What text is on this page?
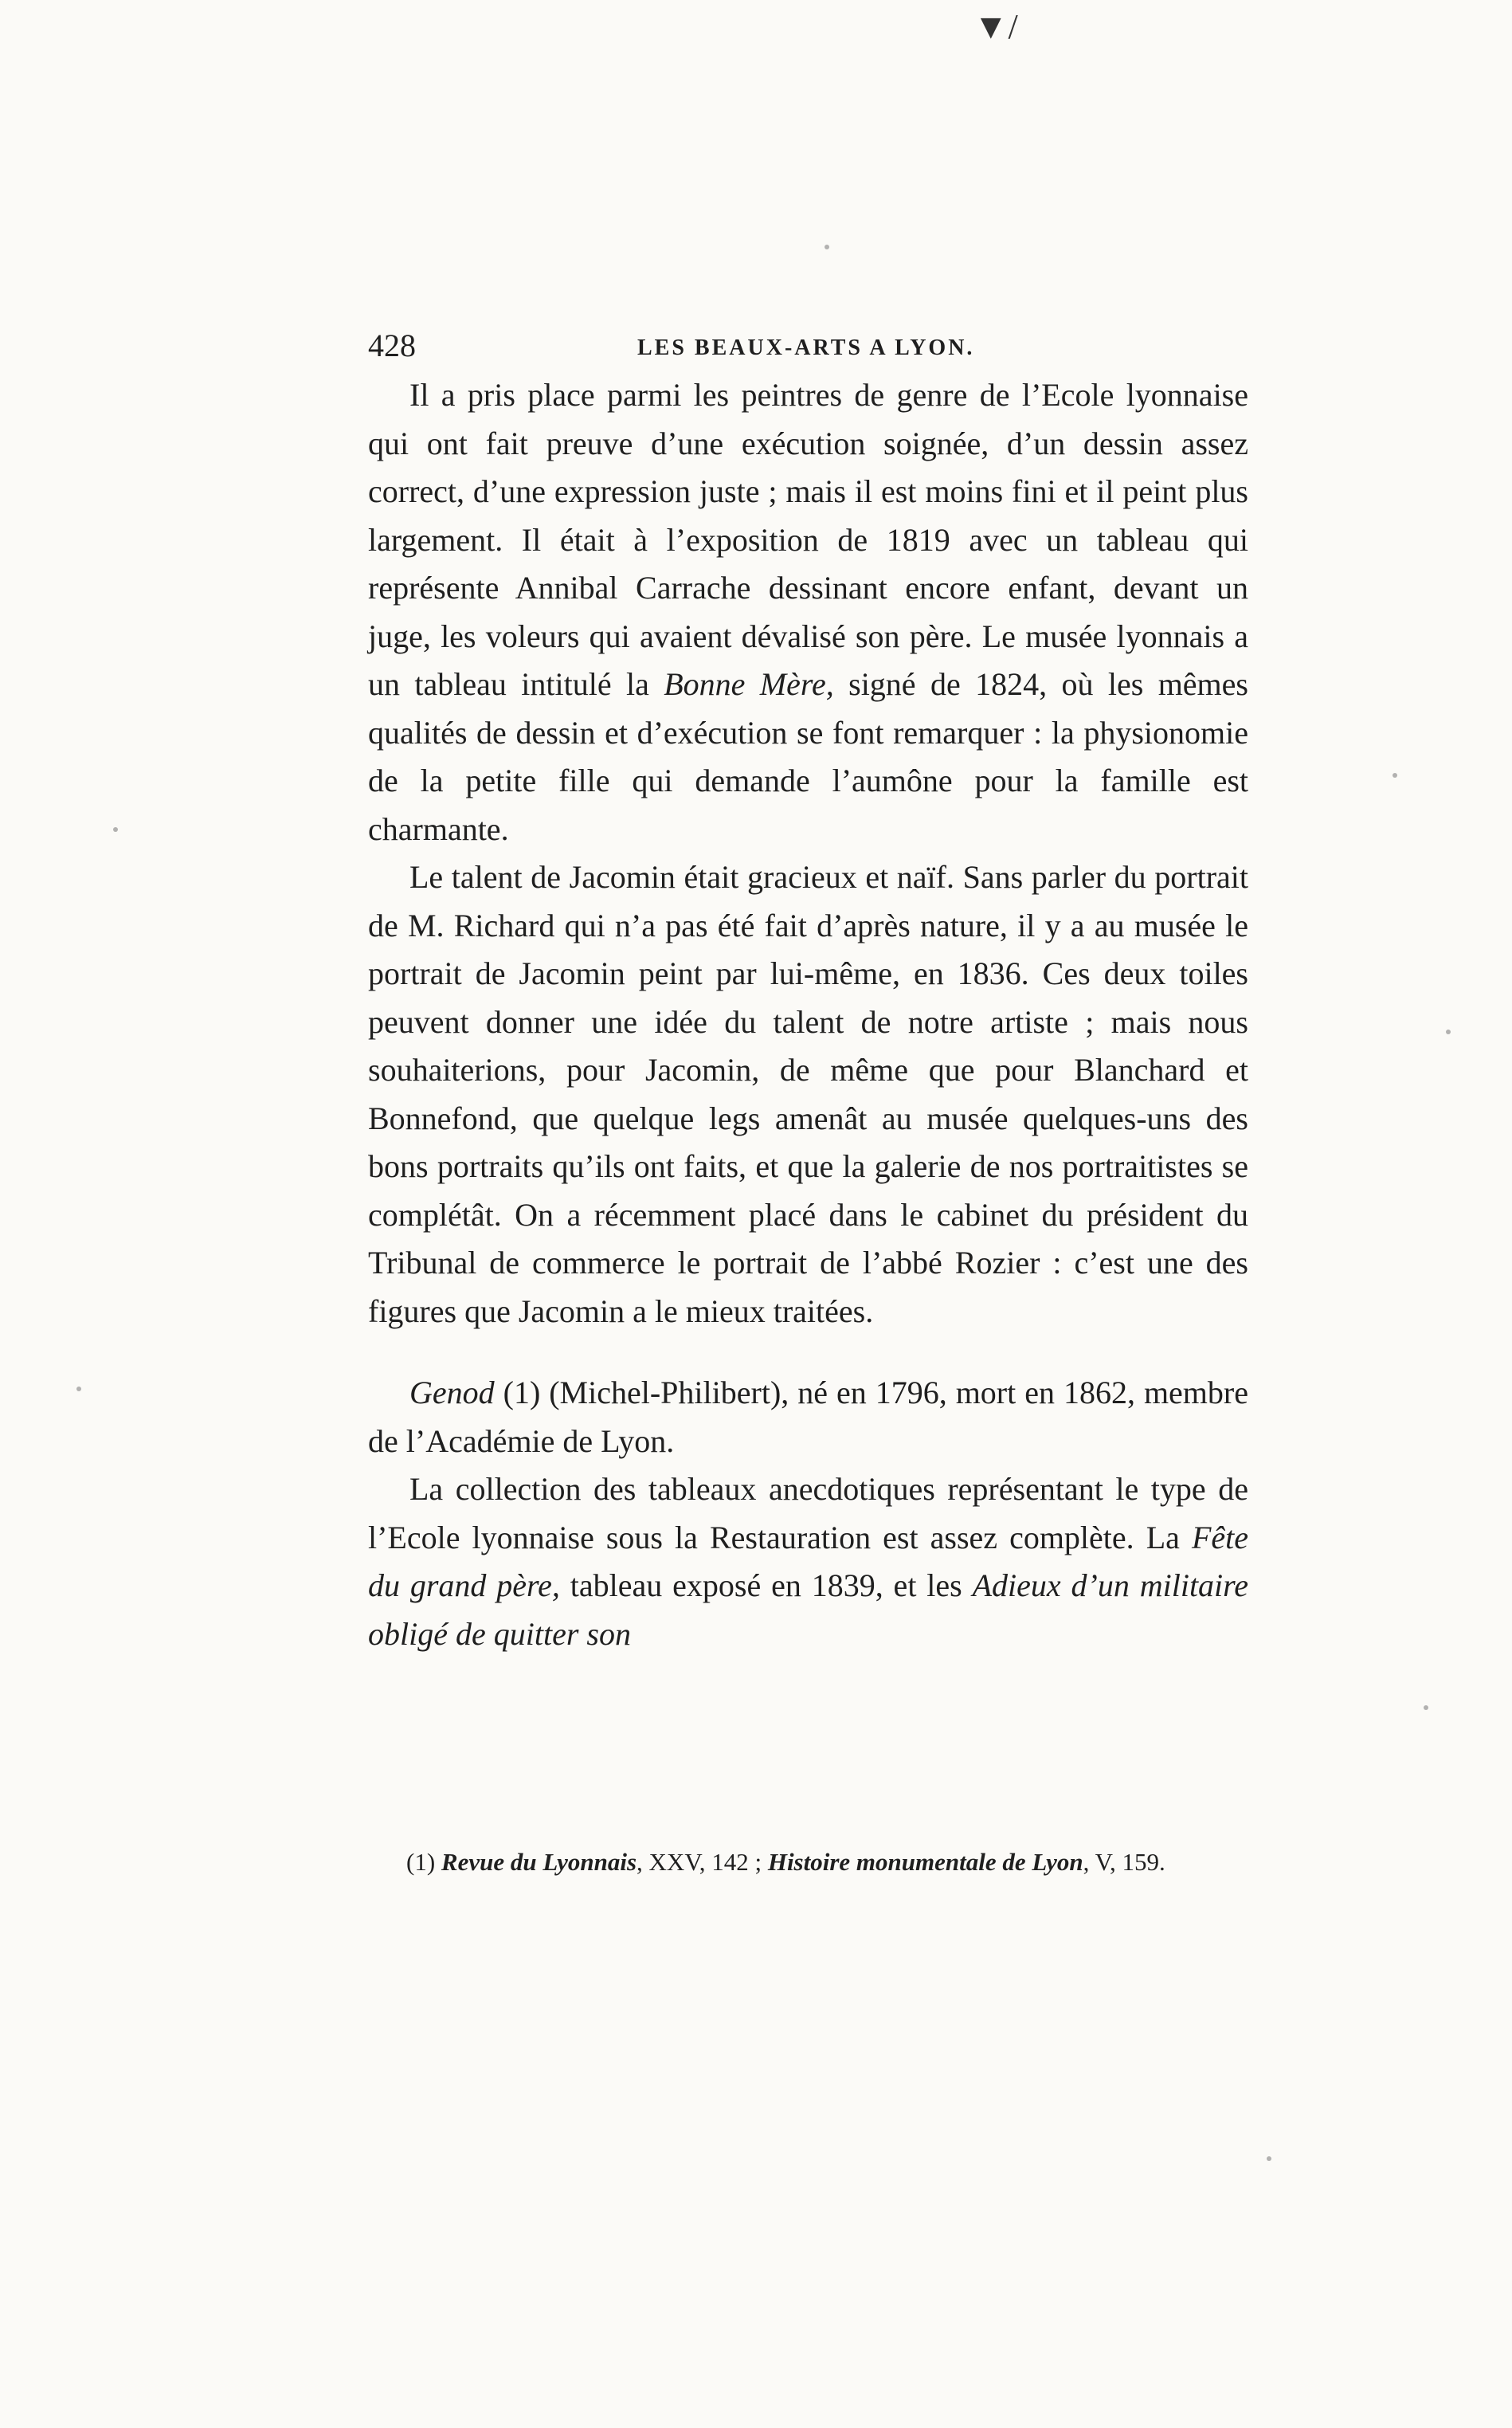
▼/
428	LES BEAUX-ARTS A LYON.

Il a pris place parmi les peintres de genre de l’Ecole lyonnaise qui ont fait preuve d’une exécution soignée, d’un dessin assez correct, d’une expression juste ; mais il est moins fini et il peint plus largement. Il était à l’exposition de 1819 avec un tableau qui représente Annibal Carrache dessinant encore enfant, devant un juge, les voleurs qui avaient dévalisé son père. Le musée lyonnais a un tableau intitulé la Bonne Mère, signé de 1824, où les mêmes qualités de dessin et d’exécution se font remarquer : la physionomie de la petite fille qui demande l’aumône pour la famille est charmante.

Le talent de Jacomin était gracieux et naïf. Sans parler du portrait de M. Richard qui n’a pas été fait d’après nature, il y a au musée le portrait de Jacomin peint par lui-même, en 1836. Ces deux toiles peuvent donner une idée du talent de notre artiste ; mais nous souhaiterions, pour Jacomin, de même que pour Blanchard et Bonnefond, que quelque legs amenât au musée quelques-uns des bons portraits qu’ils ont faits, et que la galerie de nos portraitistes se complétât. On a récemment placé dans le cabinet du président du Tribunal de commerce le portrait de l’abbé Rozier : c’est une des figures que Jacomin a le mieux traitées.

Genod (1) (Michel-Philibert), né en 1796, mort en 1862, membre de l’Académie de Lyon.

La collection des tableaux anecdotiques représentant le type de l’Ecole lyonnaise sous la Restauration est assez complète. La Fête du grand père, tableau exposé en 1839, et les Adieux d’un militaire obligé de quitter son

(1) Revue du Lyonnais, XXV, 142 ; Histoire monumentale de Lyon, V, 159.
